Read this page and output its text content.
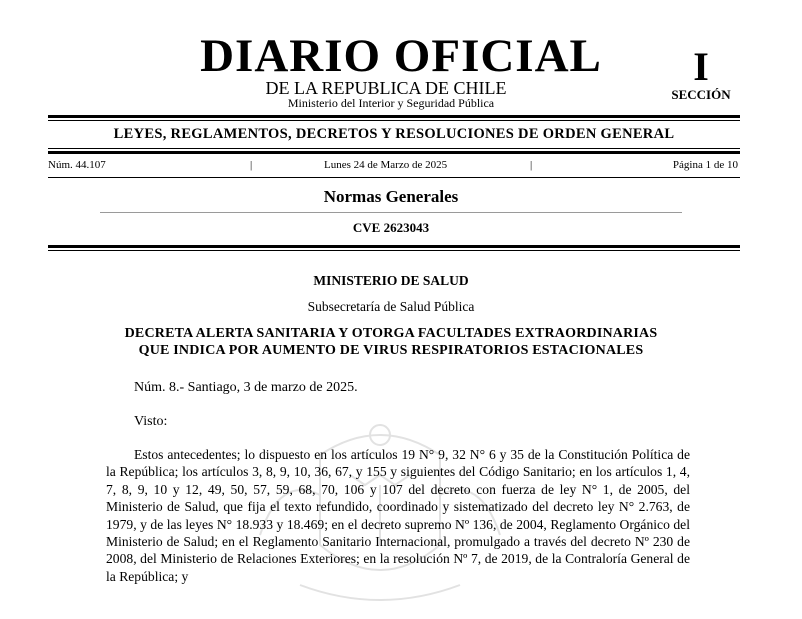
DIARIO OFICIAL
DE LA REPUBLICA DE CHILE
Ministerio del Interior y Seguridad Pública
I
SECCIÓN
LEYES, REGLAMENTOS, DECRETOS Y RESOLUCIONES DE ORDEN GENERAL
Núm. 44.107	|	Lunes 24 de Marzo de 2025	|	Página 1 de 10
Normas Generales
CVE 2623043
MINISTERIO DE SALUD
Subsecretaría de Salud Pública
DECRETA ALERTA SANITARIA Y OTORGA FACULTADES EXTRAORDINARIAS
QUE INDICA POR AUMENTO DE VIRUS RESPIRATORIOS ESTACIONALES
Núm. 8.- Santiago, 3 de marzo de 2025.
Visto:
Estos antecedentes; lo dispuesto en los artículos 19 N° 9, 32 N° 6 y 35 de la Constitución Política de la República; los artículos 3, 8, 9, 10, 36, 67, y 155 y siguientes del Código Sanitario; en los artículos 1, 4, 7, 8, 9, 10 y 12, 49, 50, 57, 59, 68, 70, 106 y 107 del decreto con fuerza de ley N° 1, de 2005, del Ministerio de Salud, que fija el texto refundido, coordinado y sistematizado del decreto ley N° 2.763, de 1979, y de las leyes N° 18.933 y 18.469; en el decreto supremo Nº 136, de 2004, Reglamento Orgánico del Ministerio de Salud; en el Reglamento Sanitario Internacional, promulgado a través del decreto Nº 230 de 2008, del Ministerio de Relaciones Exteriores; en la resolución Nº 7, de 2019, de la Contraloría General de la República; y
